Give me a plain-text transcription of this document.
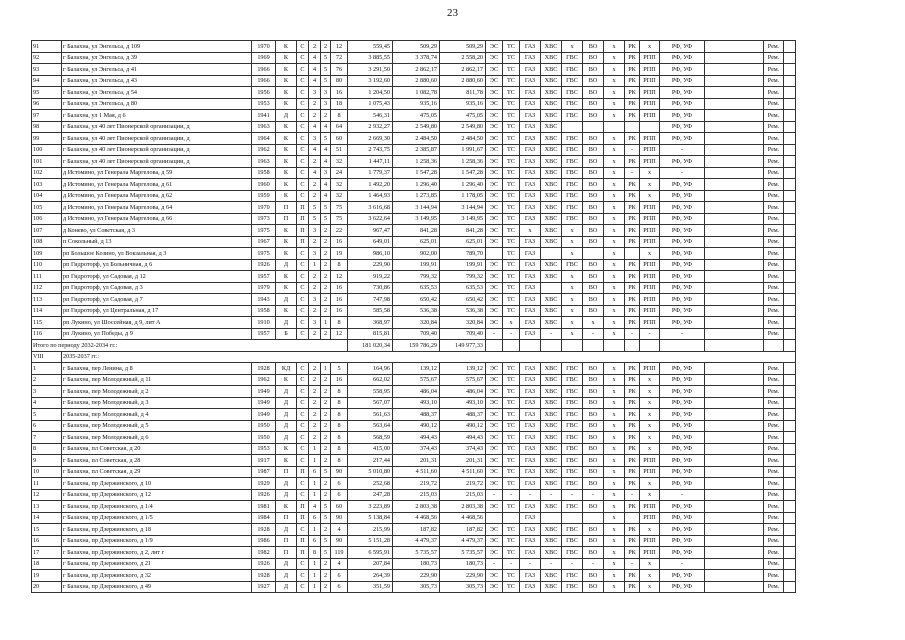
23
91	г Балахна, ул Энгельса, д 109	1970	К	С	2	2	12	559,45	509,29	509,29	ЭС	ТС	ГАЗ	ХВС	х	ВО	х	РК	х	РФ, УФ		Рем.	
92	г Балахна, ул Энгельса, д 39	1969	К	С	4	5	72	3 885,55	3 378,74	2 558,20	ЭС	ТС	ГАЗ	ХВС	ГВС	ВО	х	РК	РПП	РФ, УФ		Рем.	
93	г Балахна, ул Энгельса, д 41	1966	К	С	4	5	76	3 291,50	2 862,17	2 862,17	ЭС	ТС	ГАЗ	ХВС	ГВС	ВО	х	РК	РПП	РФ, УФ		Рем.	
94	г Балахна, ул Энгельса, д 43	1966	К	С	4	5	80	3 192,60	2 880,60	2 880,60	ЭС	ТС	ГАЗ	ХВС	ГВС	ВО	х	РК	РПП	РФ, УФ		Рем.	
95	г Балахна, ул Энгельса, д 54	1956	К	С	3	3	16	1 204,50	1 082,78	811,78	ЭС	ТС	ГАЗ	ХВС	ГВС	ВО	х	РК	РПП	РФ, УФ		Рем.	
96	г Балахна, ул Энгельса, д 80	1953	К	С	2	3	18	1 075,43	935,16	935,16	ЭС	ТС	ГАЗ	ХВС	ГВС	ВО	х	РК	РПП	РФ, УФ		Рем.	
97	г Балахна, ул 1 Мая, д 6	1941	Д	С	2	2	8	546,31	475,05	475,05	ЭС	ТС	ГАЗ	ХВС	ГВС	ВО	х	РК	РПП	РФ, УФ		Рем.	
98	г Балахна, ул 40 лет Пионерской организации, д	1963	К	С	4	4	64	2 932,27	2 549,80	2 549,80	ЭС	ТС	ГАЗ	ХВС						РФ, УФ		Рем.	
99	г Балахна, ул 40 лет Пионерской организации, д	1964	К	С	3	5	60	2 669,30	2 484,50	2 484,50	ЭС	ТС	ГАЗ	ХВС	ГВС	ВО	х	РК	РПП	РФ, УФ		Рем.	
100	г Балахна, ул 40 лет Пионерской организации, д	1962	К	С	4	4	51	2 743,75	2 385,87	1 991,67	ЭС	ТС	ГАЗ	ХВС	ГВС	ВО	х	-	РПП	-		Рем.	
101	г Балахна, ул 40 лет Пионерской организации, д	1963	К	С	2	4	32	1 447,11	1 258,36	1 258,36	ЭС	ТС	ГАЗ	ХВС	ГВС	ВО	х	РК	РПП	РФ, УФ		Рем.	
102	д Истомино, ул Генерала Маргелова, д 59	1958	К	С	4	3	24	1 779,37	1 547,28	1 547,28	ЭС	ТС	ГАЗ	ХВС	ГВС	ВО	х	-	х	-		Рем.	
103	д Истомино, ул Генерала Маргелова, д 61	1960	К	С	2	4	32	1 492,20	1 296,40	1 296,40	ЭС	ТС	ГАЗ	ХВС	ГВС	ВО	х	РК	х	РФ, УФ		Рем.	
104	д Истомино, ул Генерала Маргелова, д 62	1959	К	С	2	4	32	1 464,93	1 273,85	1 178,05	ЭС	ТС	ГАЗ	ХВС	ГВС	ВО	х	РК	х	РФ, УФ		Рем.	
105	д Истомино, ул Генерала Маргелова, д 64	1970	П	П	5	5	75	3 616,68	3 144,94	3 144,94	ЭС	ТС	ГАЗ	ХВС	ГВС	ВО	х	РК	РПП	РФ, УФ		Рем.	
106	д Истомино, ул Генерала Маргелова, д 66	1973	П	П	5	5	75	3 622,64	3 149,95	3 149,95	ЭС	ТС	ГАЗ	ХВС	ГВС	ВО	х	РК	РПП	РФ, УФ		Рем.	
107	д Конево, ул Советская, д 3	1975	К	П	3	2	22	967,47	841,28	841,28	ЭС	ТС	х	ХВС	х	ВО	х	РК	РПП	РФ, УФ		Рем.	
108	п Сокольный, д 13	1967	К	П	2	2	16	649,01	625,01	625,01	ЭС	ТС	ГАЗ	ХВС	х	ВО	х	РК	РПП	РФ, УФ		Рем.	
109	рп Большое Козино, ул Вокзальная, д 3	1975	К	С	3	2	19	986,10	902,00	789,70		ТС	ГАЗ		х		х		х	РФ, УФ		Рем.	
110	рп Гидроторф, ул Больничная, д 6	1926	Д	С	1	2	8	229,90	199,91	199,91	ЭС	ТС	ГАЗ	ХВС	ГВС	ВО	х	РК	РПП	РФ, УФ		Рем.	
111	рп Гидроторф, ул Садовая, д 12	1957	К	С	2	2	12	919,22	799,32	799,32	ЭС	ТС	ГАЗ	ХВС	х	ВО	х	РК	РПП	РФ, УФ		Рем.	
112	рп Гидроторф, ул Садовая, д 3	1979	К	С	2	2	16	730,86	635,53	635,53	ЭС	ТС	ГАЗ		х	ВО	х	РК	РПП	РФ, УФ		Рем.	
113	рп Гидроторф, ул Садовая, д 7	1943	Д	С	3	2	16	747,98	650,42	650,42	ЭС	ТС	ГАЗ	ХВС	х	ВО	х	РК	РПП	РФ, УФ		Рем.	
114	рп Гидроторф, ул Центральная, д 17	1958	К	С	2	2	16	585,58	536,38	536,38	ЭС	ТС	ГАЗ	ХВС	х	ВО	х	РК	РПП	РФ, УФ		Рем.	
115	рп Лукино, ул Шоссейная, д 9, лит А	1910	Д	С	3	1	8	368,97	320,84	320,84	ЭС	х	ГАЗ	ХВС	х	х	х	РК	РПП	РФ, УФ		Рем.	
116	рп Лукино, ул Победы, д 9	1957	Б	С	2	2	12	815,81	709,40	709,40	-	-	ГАЗ	-	х	-	х	-	-	-		Рем.	
Итого по периоду 2032-2034 гг.:								181 020,34	159 786,29	149 977,33													
VIII	2035-2037 гг.:																						
1	г Балахна, пер Ленина, д 8	1928	КД	С	2	1	5	164,96	139,12	139,12	ЭС	ТС	ГАЗ	ХВС	ГВС	ВО	х	РК	РПП	РФ, УФ		Рем.	
2	г Балахна, пер Молодежный, д 11	1962	К	С	2	2	16	662,02	575,67	575,67	ЭС	ТС	ГАЗ	ХВС	ГВС	ВО	х	РК	х	РФ, УФ		Рем.	
3	г Балахна, пер Молодежный, д 2	1949	Д	С	2	2	8	558,95	486,04	486,04	ЭС	ТС	ГАЗ	ХВС	ГВС	ВО	х	РК	х	РФ, УФ		Рем.	
4	г Балахна, пер Молодежный, д 3	1949	Д	С	2	2	8	567,07	493,10	493,10	ЭС	ТС	ГАЗ	ХВС	ГВС	ВО	х	РК	х	РФ, УФ		Рем.	
5	г Балахна, пер Молодежный, д 4	1949	Д	С	2	2	8	561,63	488,37	488,37	ЭС	ТС	ГАЗ	ХВС	ГВС	ВО	х	РК	х	РФ, УФ		Рем.	
6	г Балахна, пер Молодежный, д 5	1950	Д	С	2	2	8	563,64	490,12	490,12	ЭС	ТС	ГАЗ	ХВС	ГВС	ВО	х	РК	х	РФ, УФ		Рем.	
7	г Балахна, пер Молодежный, д 6	1950	Д	С	2	2	8	568,59	494,43	494,43	ЭС	ТС	ГАЗ	ХВС	ГВС	ВО	х	РК	х	РФ, УФ		Рем.	
8	г Балахна, пл Советская, д 20	1953	К	С	1	2	8	415,00	374,43	374,43	ЭС	ТС	ГАЗ	ХВС	ГВС	ВО	х	РК	х	РФ, УФ		Рем.	
9	г Балахна, пл Советская, д 28	1917	К	С	1	2	8	217,44	201,31	201,31	ЭС	ТС	ГАЗ	ХВС	ГВС	ВО	х	РК	РПП	РФ, УФ		Рем.	
10	г Балахна, пл Советская, д 29	1987	П	П	6	5	90	5 010,80	4 511,60	4 511,60	ЭС	ТС	ГАЗ	ХВС	ГВС	ВО	х	РК	РПП	РФ, УФ		Рем.	
11	г Балахна, пр Дзержинского, д 10	1929	Д	С	1	2	6	252,68	219,72	219,72	ЭС	ТС	ГАЗ	ХВС	ГВС	ВО	х	РК	х	РФ, УФ		Рем.	
12	г Балахна, пр Дзержинского, д 12	1926	Д	С	1	2	6	247,28	215,03	215,03	-	-	-	-	-	-	х	-	х	-		Рем.	
13	г Балахна, пр Дзержинского, д 1/4	1981	К	П	4	5	60	3 223,89	2 803,38	2 803,38	ЭС	ТС	ГАЗ	ХВС	ГВС	ВО	х	РК	РПП	РФ, УФ		Рем.	
14	г Балахна, пр Дзержинского, д 1/5	1984	П	П	6	5	90	5 138,84	4 468,56	4 468,56			ГАЗ				х		РПП	РФ, УФ		Рем.	
15	г Балахна, пр Дзержинского, д 18	1928	Д	С	1	2	4	215,99	187,82	187,82	ЭС	ТС	ГАЗ	ХВС	ГВС	ВО	х	РК	х	РФ, УФ		Рем.	
16	г Балахна, пр Дзержинского, д 1/9	1986	П	П	6	5	90	5 151,28	4 479,37	4 479,37	ЭС	ТС	ГАЗ	ХВС	ГВС	ВО	х	РК	РПП	РФ, УФ		Рем.	
17	г Балахна, пр Дзержинского, д 2, лит г	1982	П	П	8	5	119	6 595,91	5 735,57	5 735,57	ЭС	ТС	ГАЗ	ХВС	ГВС	ВО	х	РК	РПП	РФ, УФ		Рем.	
18	г Балахна, пр Дзержинского, д 21	1926	Д	С	1	2	4	207,84	180,73	180,73	-	-	-	-	-	-	х	-	х	-		Рем.	
19	г Балахна, пр Дзержинского, д 32	1928	Д	С	1	2	6	264,39	229,90	229,90	ЭС	ТС	ГАЗ	ХВС	ГВС	ВО	х	РК	х	РФ, УФ		Рем.	
20	г Балахна, пр Дзержинского, д 49	1927	Д	С	1	2	6	351,59	305,73	305,73	ЭС	ТС	ГАЗ	ХВС	ГВС	ВО	х	РК	х	РФ, УФ		Рем.	
